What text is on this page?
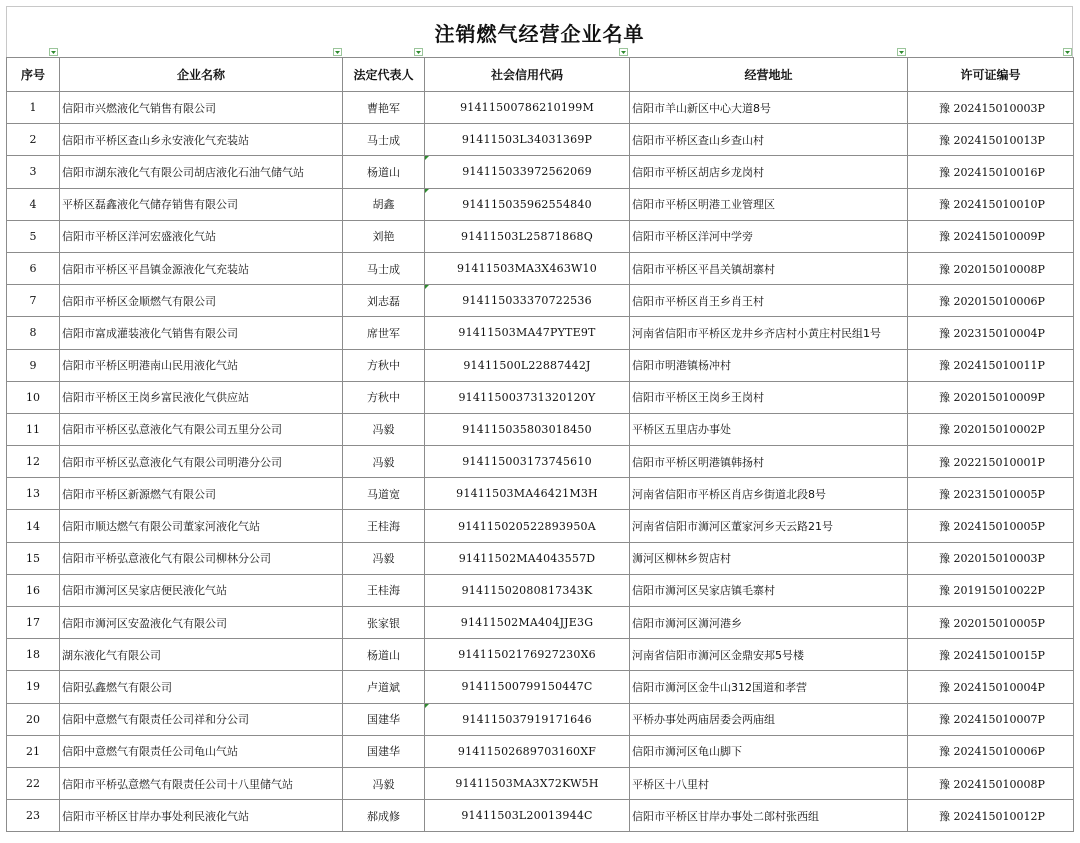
注销燃气经营企业名单
序号	企业名称	法定代表人	社会信用代码	经营地址	许可证编号
1	信阳市兴燃液化气销售有限公司	曹艳军	91411500786210199M	信阳市羊山新区中心大道8号	豫 202415010003P
2	信阳市平桥区查山乡永安液化气充装站	马士成	91411503L34031369P	信阳市平桥区查山乡查山村	豫 202415010013P
3	信阳市湖东液化气有限公司胡店液化石油气储气站	杨道山	914115033972562069	信阳市平桥区胡店乡龙岗村	豫 202415010016P
4	平桥区磊鑫液化气储存销售有限公司	胡鑫	914115035962554840	信阳市平桥区明港工业管理区	豫 202415010010P
5	信阳市平桥区洋河宏盛液化气站	刘艳	91411503L25871868Q	信阳市平桥区洋河中学旁	豫 202415010009P
6	信阳市平桥区平昌镇金源液化气充装站	马士成	91411503MA3X463W10	信阳市平桥区平昌关镇胡寨村	豫 202015010008P
7	信阳市平桥区金顺燃气有限公司	刘志磊	914115033370722536	信阳市平桥区肖王乡肖王村	豫 202015010006P
8	信阳市富成灌装液化气销售有限公司	席世军	91411503MA47PYTE9T	河南省信阳市平桥区龙井乡齐店村小黄庄村民组1号	豫 202315010004P
9	信阳市平桥区明港南山民用液化气站	方秋中	91411500L22887442J	信阳市明港镇杨冲村	豫 202415010011P
10	信阳市平桥区王岗乡富民液化气供应站	方秋中	914115003731320120Y	信阳市平桥区王岗乡王岗村	豫 202015010009P
11	信阳市平桥区弘意液化气有限公司五里分公司	冯毅	914115035803018450	平桥区五里店办事处	豫 202015010002P
12	信阳市平桥区弘意液化气有限公司明港分公司	冯毅	914115003173745610	信阳市平桥区明港镇韩扬村	豫 202215010001P
13	信阳市平桥区新源燃气有限公司	马道宽	91411503MA46421M3H	河南省信阳市平桥区肖店乡街道北段8号	豫 202315010005P
14	信阳市顺达燃气有限公司董家河液化气站	王桂海	914115020522893950A	河南省信阳市浉河区董家河乡天云路21号	豫 202415010005P
15	信阳市平桥弘意液化气有限公司柳林分公司	冯毅	91411502MA4043557D	浉河区柳林乡贺店村	豫 202015010003P
16	信阳市浉河区吴家店便民液化气站	王桂海	91411502080817343K	信阳市浉河区吴家店镇毛寨村	豫 201915010022P
17	信阳市浉河区安盈液化气有限公司	张家银	91411502MA404JJE3G	信阳市浉河区浉河港乡	豫 202015010005P
18	湖东液化气有限公司	杨道山	91411502176927230X6	河南省信阳市浉河区金鼎安邦5号楼	豫 202415010015P
19	信阳弘鑫燃气有限公司	卢道斌	91411500799150447C	信阳市浉河区金牛山312国道和孝营	豫 202415010004P
20	信阳中意燃气有限责任公司祥和分公司	国建华	914115037919171646	平桥办事处两庙居委会两庙组	豫 202415010007P
21	信阳中意燃气有限责任公司龟山气站	国建华	91411502689703160XF	信阳市浉河区龟山脚下	豫 202415010006P
22	信阳市平桥弘意燃气有限责任公司十八里储气站	冯毅	91411503MA3X72KW5H	平桥区十八里村	豫 202415010008P
23	信阳市平桥区甘岸办事处利民液化气站	郝成修	91411503L20013944C	信阳市平桥区甘岸办事处二郎村张西组	豫 202415010012P
